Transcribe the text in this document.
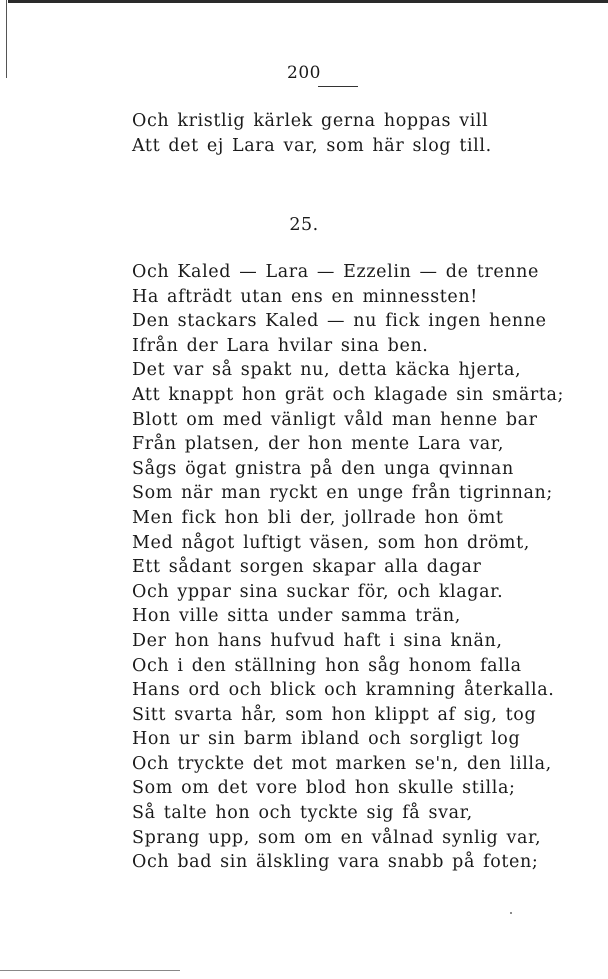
200
Och kristlig kärlek gerna hoppas vill
Att det ej Lara var, som här slog till.
25.
Och Kaled — Lara — Ezzelin — de trenne
Ha afträdt utan ens en minnessten!
Den stackars Kaled — nu fick ingen henne
Ifrån der Lara hvilar sina ben.
Det var så spakt nu, detta käcka hjerta,
Att knappt hon grät och klagade sin smärta;
Blott om med vänligt våld man henne bar
Från platsen, der hon mente Lara var,
Sågs ögat gnistra på den unga qvinnan
Som när man ryckt en unge från tigrinnan;
Men fick hon bli der, jollrade hon ömt
Med något luftigt väsen, som hon drömt,
Ett sådant sorgen skapar alla dagar
Och yppar sina suckar för, och klagar.
Hon ville sitta under samma trän,
Der hon hans hufvud haft i sina knän,
Och i den ställning hon såg honom falla
Hans ord och blick och kramning återkalla.
Sitt svarta hår, som hon klippt af sig, tog
Hon ur sin barm ibland och sorgligt log
Och tryckte det mot marken se'n, den lilla,
Som om det vore blod hon skulle stilla;
Så talte hon och tyckte sig få svar,
Sprang upp, som om en vålnad synlig var,
Och bad sin älskling vara snabb på foten;
